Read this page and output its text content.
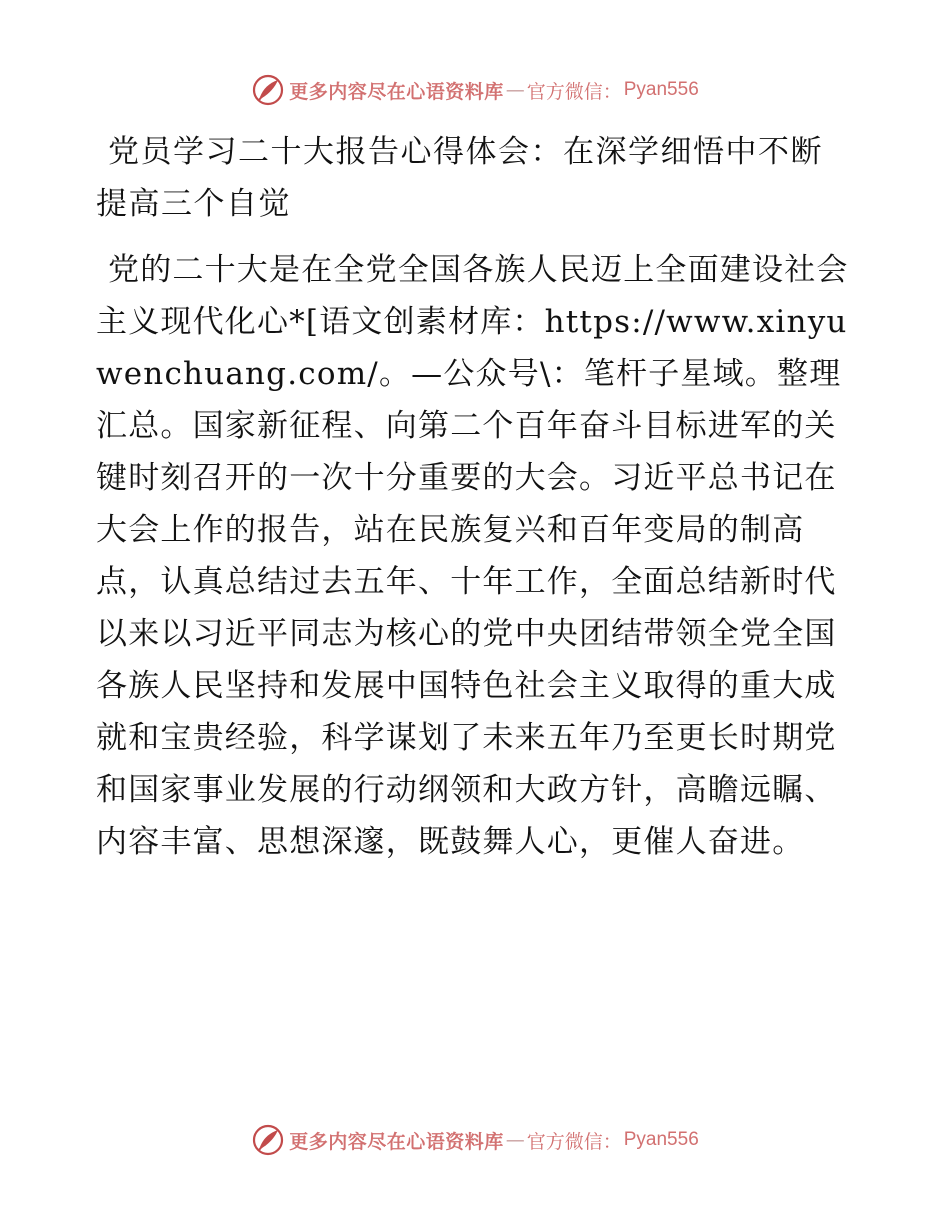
更多内容尽在心语资料库 — 官方微信： Pyan556
党员学习二十大报告心得体会：在深学细悟中不断提高三个自觉

党的二十大是在全党全国各族人民迈上全面建设社会主义现代化心*[语文创素材库：https://www.xinyuwenchuang.com/。—公众号\：笔杆子星域。整理汇总。国家新征程、向第二个百年奋斗目标进军的关键时刻召开的一次十分重要的大会。习近平总书记在大会上作的报告，站在民族复兴和百年变局的制高点，认真总结过去五年、十年工作，全面总结新时代以来以习近平同志为核心的党中央团结带领全党全国各族人民坚持和发展中国特色社会主义取得的重大成就和宝贵经验，科学谋划了未来五年乃至更长时期党和国家事业发展的行动纲领和大政方针，高瞻远瞩、内容丰富、思想深邃，既鼓舞人心，更催人奋进。

更多内容尽在心语资料库 — 官方微信： Pyan556
